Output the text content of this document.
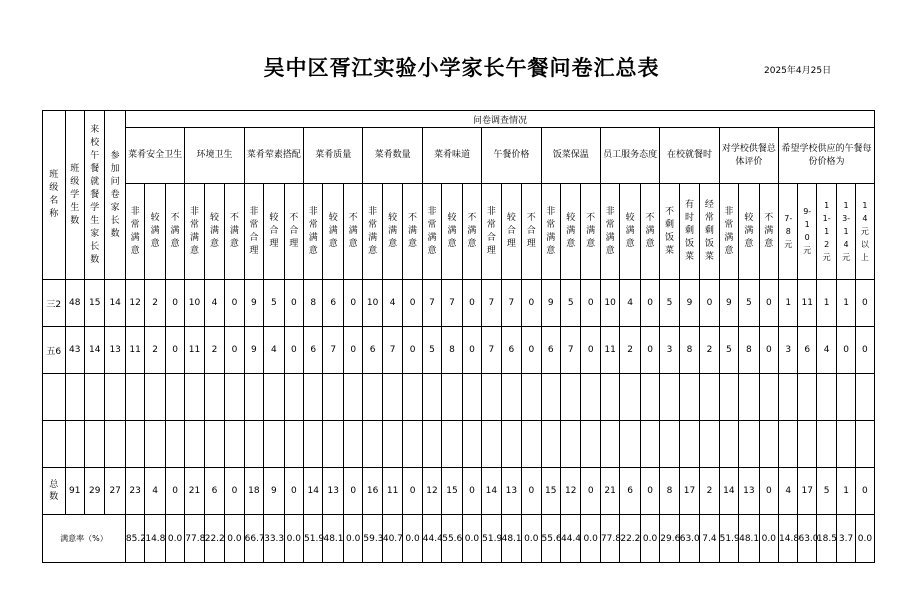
吴中区胥江实验小学家长午餐问卷汇总表	2025年4月25日
班级名称	班级学生数	来校午餐就餐学生家长数	参加问卷家长数	问卷调查情况																																					
				菜肴安全卫生			环境卫生			菜肴荤素搭配			菜肴质量			菜肴数量			菜肴味道			午餐价格			饭菜保温			员工服务态度			在校就餐时			对学校供餐总体评价			希望学校供应的午餐每份价格为				
				非常满意	较满意	不满意	非常满意	较满意	不满意	非常合理	较合理	不合理	非常满意	较满意	不满意	非常满意	较满意	不满意	非常满意	较满意	不满意	非常合理	较合理	不合理	非常满意	较满意	不满意	非常满意	较满意	不满意	不剩饭菜	有时剩饭菜	经常剩饭菜	非常满意	较满意	不满意	7-8元	9-10元	11-12元	13-14元	14元以上
三2	48	15	14	12	2	0	10	4	0	9	5	0	8	6	0	10	4	0	7	7	0	7	7	0	9	5	0	10	4	0	5	9	0	9	5	0	1	11	1	1	0
五6	43	14	13	11	2	0	11	2	0	9	4	0	6	7	0	6	7	0	5	8	0	7	6	0	6	7	0	11	2	0	3	8	2	5	8	0	3	6	4	0	0

总数	91	29	27	23	4	0	21	6	0	18	9	0	14	13	0	16	11	0	12	15	0	14	13	0	15	12	0	21	6	0	8	17	2	14	13	0	4	17	5	1	0
满意率（%）				85.2	14.8	0.0	77.8	22.2	0.0	66.7	33.3	0.0	51.9	48.1	0.0	59.3	40.7	0.0	44.4	55.6	0.0	51.9	48.1	0.0	55.6	44.4	0.0	77.8	22.2	0.0	29.6	63.0	7.4	51.9	48.1	0.0	14.8	63.0	18.5	3.7	0.0
